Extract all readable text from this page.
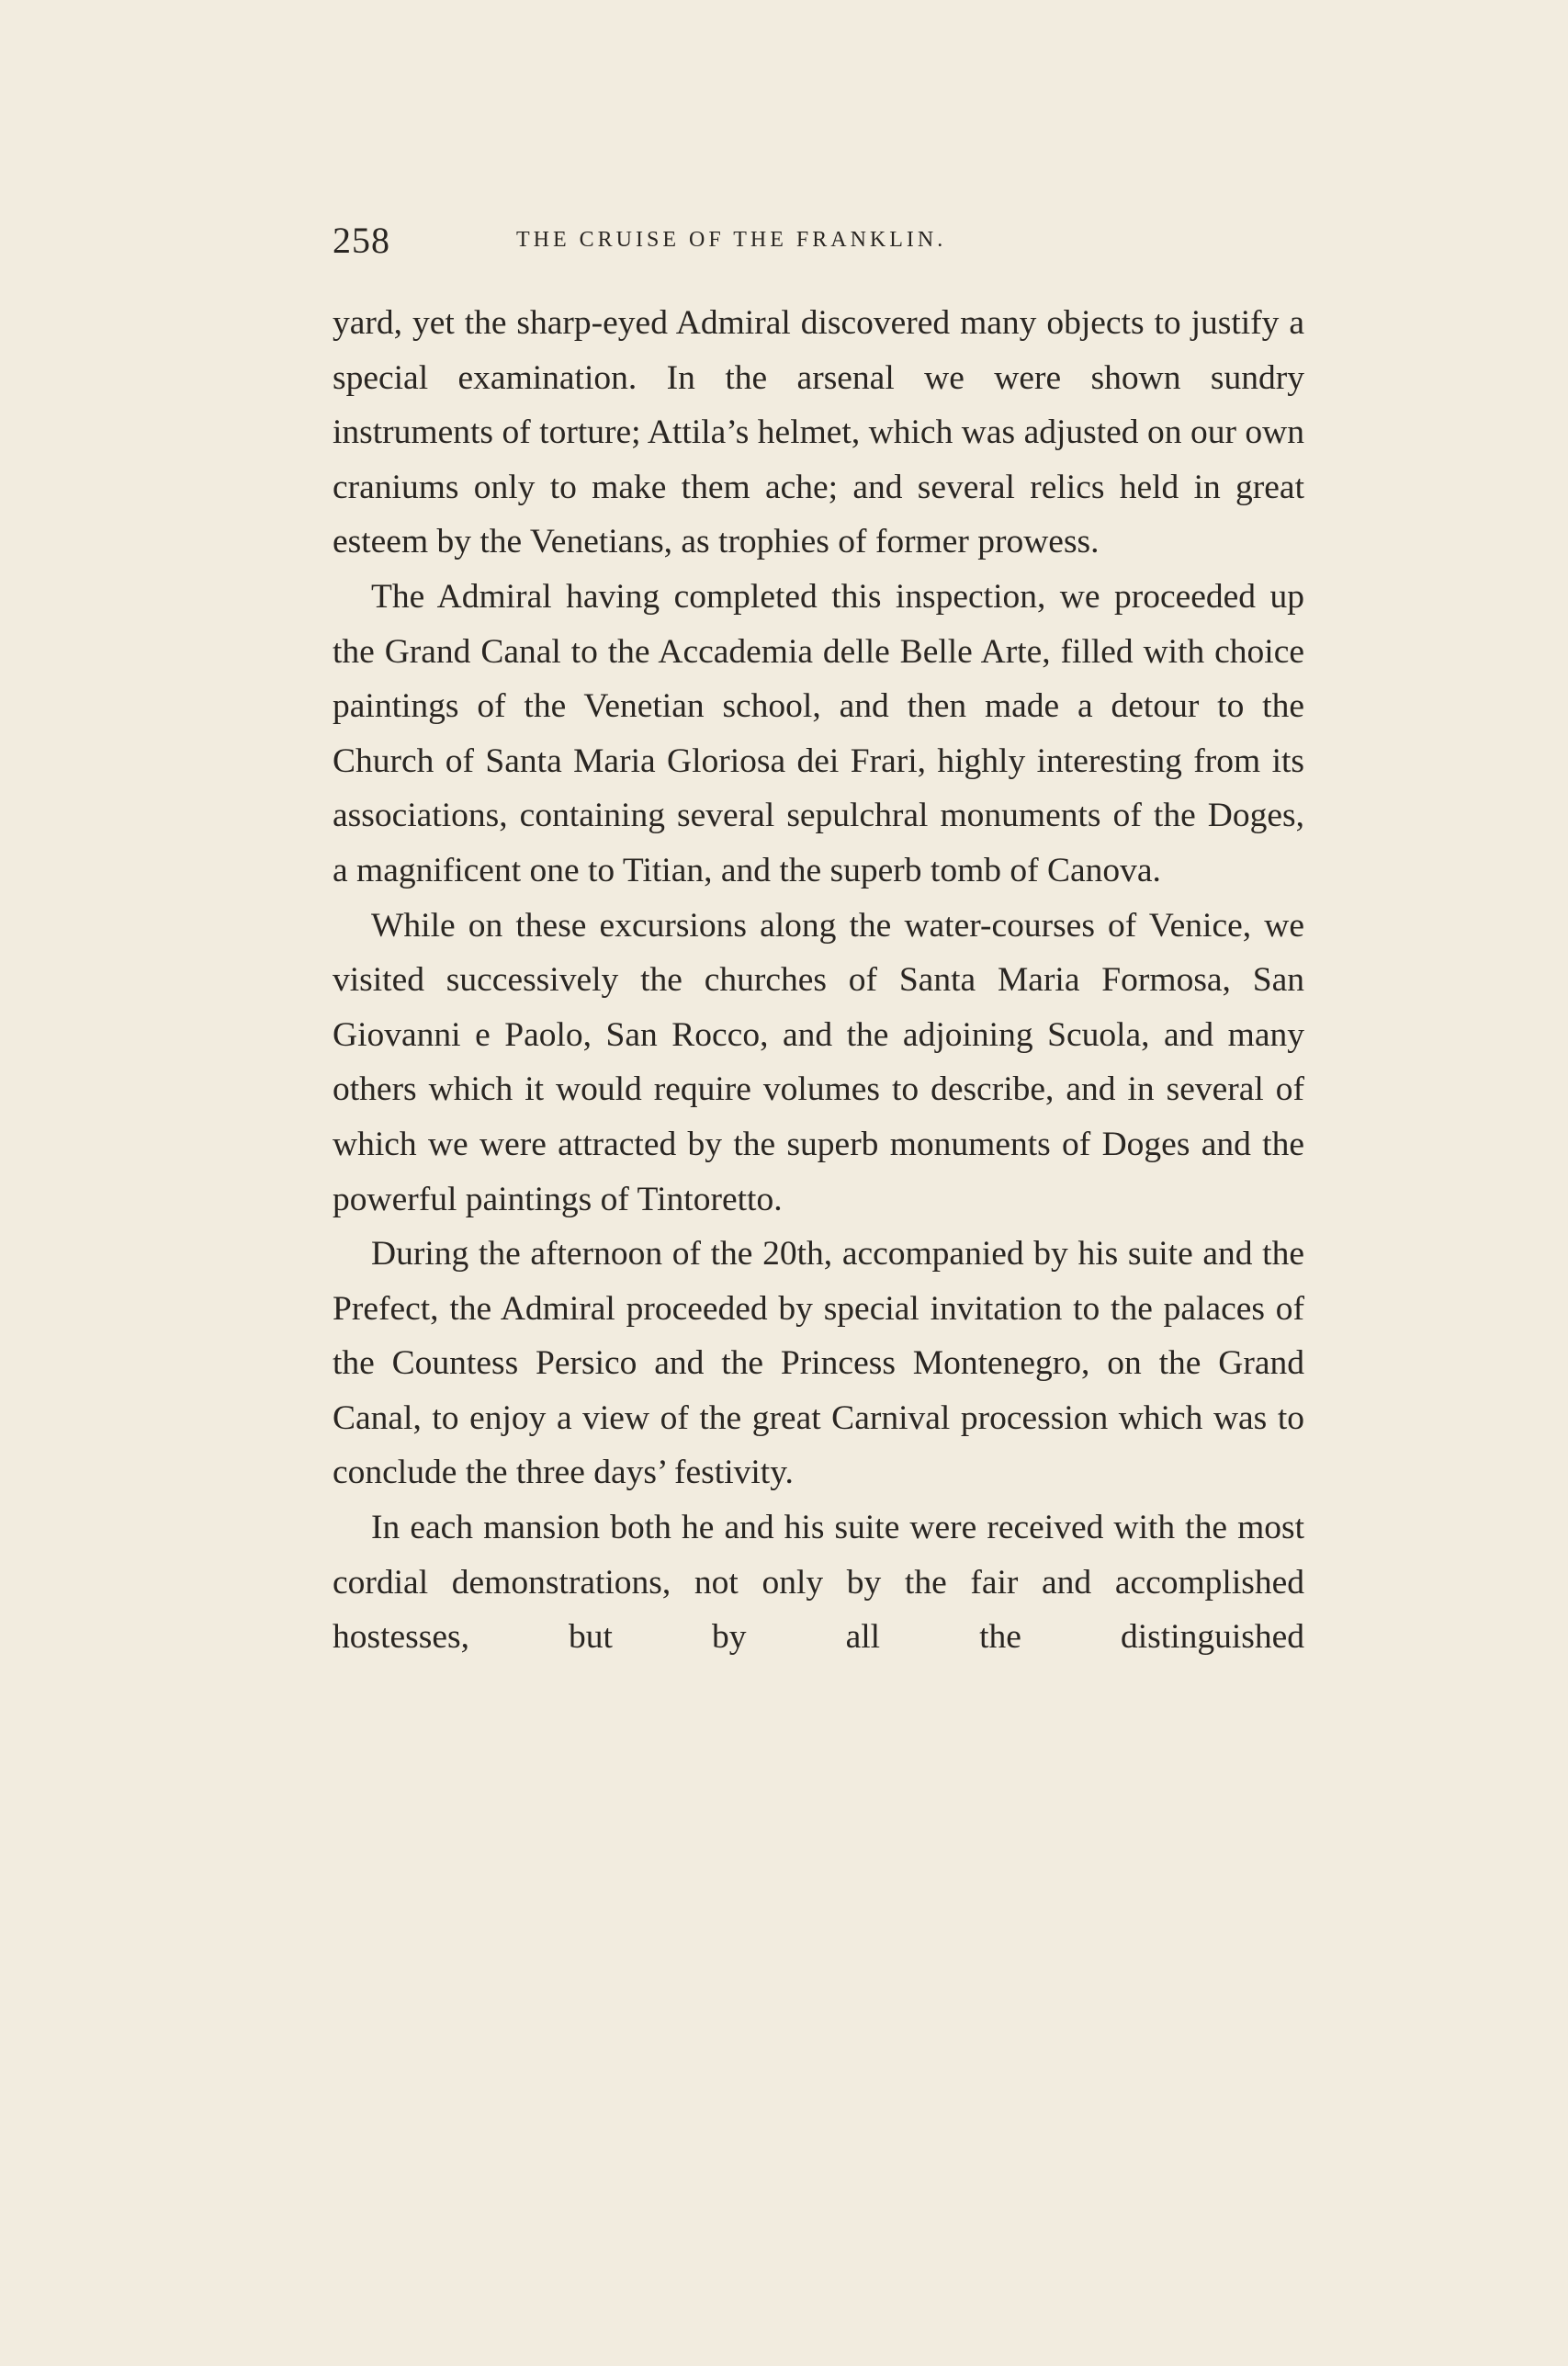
258	THE CRUISE OF THE FRANKLIN.

yard, yet the sharp-eyed Admiral discovered many objects to justify a special examination. In the arsenal we were shown sundry instruments of torture; Attila’s helmet, which was adjusted on our own craniums only to make them ache; and several relics held in great esteem by the Venetians, as trophies of former prowess.

The Admiral having completed this inspection, we proceeded up the Grand Canal to the Accademia delle Belle Arte, filled with choice paintings of the Venetian school, and then made a detour to the Church of Santa Maria Gloriosa dei Frari, highly interesting from its associations, containing several sepulchral monuments of the Doges, a magnificent one to Titian, and the superb tomb of Canova.

While on these excursions along the water-courses of Venice, we visited successively the churches of Santa Maria Formosa, San Giovanni e Paolo, San Rocco, and the adjoining Scuola, and many others which it would require volumes to describe, and in several of which we were attracted by the superb monuments of Doges and the powerful paintings of Tintoretto.

During the afternoon of the 20th, accompanied by his suite and the Prefect, the Admiral proceeded by special invitation to the palaces of the Countess Persico and the Princess Montenegro, on the Grand Canal, to enjoy a view of the great Carnival procession which was to conclude the three days’ festivity.

In each mansion both he and his suite were received with the most cordial demonstrations, not only by the fair and accomplished hostesses, but by all the distinguished
